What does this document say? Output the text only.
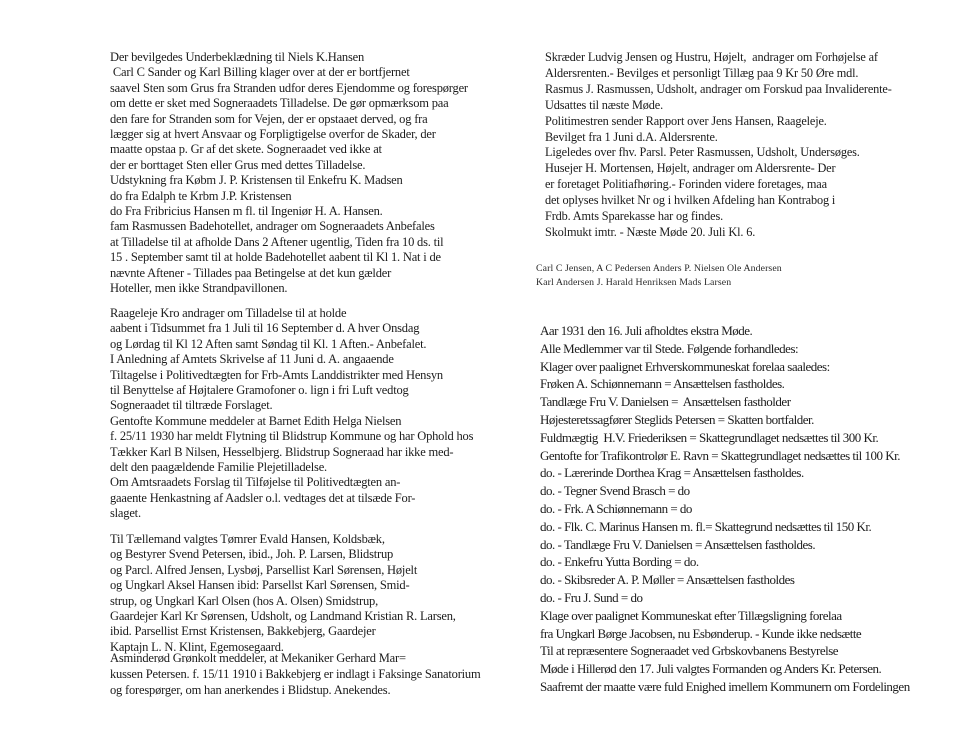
Der bevilgedes Underbeklædning til Niels K.Hansen
Carl C Sander og Karl Billing klager over at der er bortfjernet
saavel Sten som Grus fra Stranden udfor deres Ejendomme og forespørger
om dette er sket med Sogneraadets Tilladelse. De gør opmærksom paa
den fare for Stranden som for Vejen, der er opstaaet derved, og fra
lægger sig at hvert Ansvaar og Forpligtigelse overfor de Skader, der
maatte opstaa p. Gr af det skete. Sogneraadet ved ikke at
der er borttaget Sten eller Grus med dettes Tilladelse.
Udstykning fra Købm J. P. Kristensen til Enkefru K. Madsen
do fra Edalph te Krbm J.P. Kristensen
do Fra Fribricius Hansen m fl. til Ingeniør H. A. Hansen.
fam Rasmussen Badehotellet, andrager om Sogneraadets Anbefales
at Tilladelse til at afholde Dans 2 Aftener ugentlig, Tiden fra 10 ds. til
15 . September samt til at holde Badehotellet aabent til Kl 1. Nat i de
nævnte Aftener - Tillades paa Betingelse at det kun gælder
Hoteller, men ikke Strandpavillonen.
Raageleje Kro andrager om Tilladelse til at holde
aabent i Tidsummet fra 1 Juli til 16 September d. A hver Onsdag
og Lørdag til Kl 12 Aften samt Søndag til Kl. 1 Aften.- Anbefalet.
I Anledning af Amtets Skrivelse af 11 Juni d. A. angaaende
Tiltagelse i Politivedtægten for Frb-Amts Landdistrikter med Hensyn
til Benyttelse af Højtalere Gramofoner o. lign i fri Luft vedtog
Sogneraadet til tiltræde Forslaget.
Gentofte Kommune meddeler at Barnet Edith Helga Nielsen
f. 25/11 1930 har meldt Flytning til Blidstrup Kommune og har Ophold hos
Tækker Karl B Nilsen, Hesselbjerg. Blidstrup Sogneraad har ikke med-
delt den paagældende Familie Plejetilladelse.
Om Amtsraadets Forslag til Tilføjelse til Politivedtægten an-
gaaente Henkastning af Aadsler o.l. vedtages det at tilsæde For-
slaget.
Til Tællemand valgtes Tømrer Evald Hansen, Koldsbæk,
og Bestyrer Svend Petersen, ibid., Joh. P. Larsen, Blidstrup
og Parcl. Alfred Jensen, Lysbøj, Parsellist Karl Sørensen, Højelt
og Ungkarl Aksel Hansen ibid: Parsellst Karl Sørensen, Smid-
strup, og Ungkarl Karl Olsen (hos A. Olsen) Smidstrup,
Gaardejer Karl Kr Sørensen, Udsholt, og Landmand Kristian R. Larsen,
ibid. Parsellist Ernst Kristensen, Bakkebjerg, Gaardejer
Kaptajn L. N. Klint, Egemosegaard.
Asminderød Grønkolt meddeler, at Mekaniker Gerhard Mar=
kussen Petersen. f. 15/11 1910 i Bakkebjerg er indlagt i Faksinge Sanatorium
og forespørger, om han anerkendes i Blidstup. Anekendes.
Skræder Ludvig Jensen og Hustru, Højelt,  andrager om Forhøjelse af
Aldersrenten.- Bevilges et personligt Tillæg paa 9 Kr 50 Øre mdl.
Rasmus J. Rasmussen, Udsholt, andrager om Forskud paa Invaliderente-
Udsattes til næste Møde.
Politimestren sender Rapport over Jens Hansen, Raageleje.
Bevilget fra 1 Juni d.A. Aldersrente.
Ligeledes over fhv. Parsl. Peter Rasmussen, Udsholt, Undersøges.
Husejer H. Mortensen, Højelt, andrager om Aldersrente- Der
er foretaget Politiafhøring.- Forinden videre foretages, maa
det oplyses hvilket Nr og i hvilken Afdeling han Kontrabog i
Frdb. Amts Sparekasse har og findes.
Skolmukt imtr. - Næste Møde 20. Juli Kl. 6.
Carl C Jensen, A C Pedersen Anders P. Nielsen Ole Andersen
Karl Andersen J. Harald Henriksen Mads Larsen
Aar 1931 den 16. Juli afholdtes ekstra Møde.
Alle Medlemmer var til Stede. Følgende forhandledes:
Klager over paalignet Erhverskommuneskat forelaa saaledes:
Frøken A. Schiønnemann = Ansættelsen fastholdes.
Tandlæge Fru V. Danielsen =  Ansættelsen fastholder
Højesteretssagfører Steglids Petersen = Skatten bortfalder.
Fuldmægtig  H.V. Friederiksen = Skattegrundlaget nedsættes til 300 Kr.
Gentofte for Trafikontrolør E. Ravn = Skattegrundlaget nedsættes til 100 Kr.
do. - Lærerinde Dorthea Krag = Ansættelsen fastholdes.
do. - Tegner Svend Brasch = do
do. - Frk. A Schiønnemann = do
do. - Flk. C. Marinus Hansen m. fl.= Skattegrund nedsættes til 150 Kr.
do. - Tandlæge Fru V. Danielsen = Ansættelsen fastholdes.
do. - Enkefru Yutta Bording = do.
do. - Skibsreder A. P. Møller = Ansættelsen fastholdes
do. - Fru J. Sund = do
Klage over paalignet Kommuneskat efter Tillægsligning forelaa
fra Ungkarl Børge Jacobsen, nu Esbønderup. - Kunde ikke nedsætte
Til at repræsentere Sogneraadet ved Grbskovbanens Bestyrelse
Møde i Hillerød den 17. Juli valgtes Formanden og Anders Kr. Petersen.
Saafremt der maatte være fuld Enighed imellem Kommunern om Fordelingen
